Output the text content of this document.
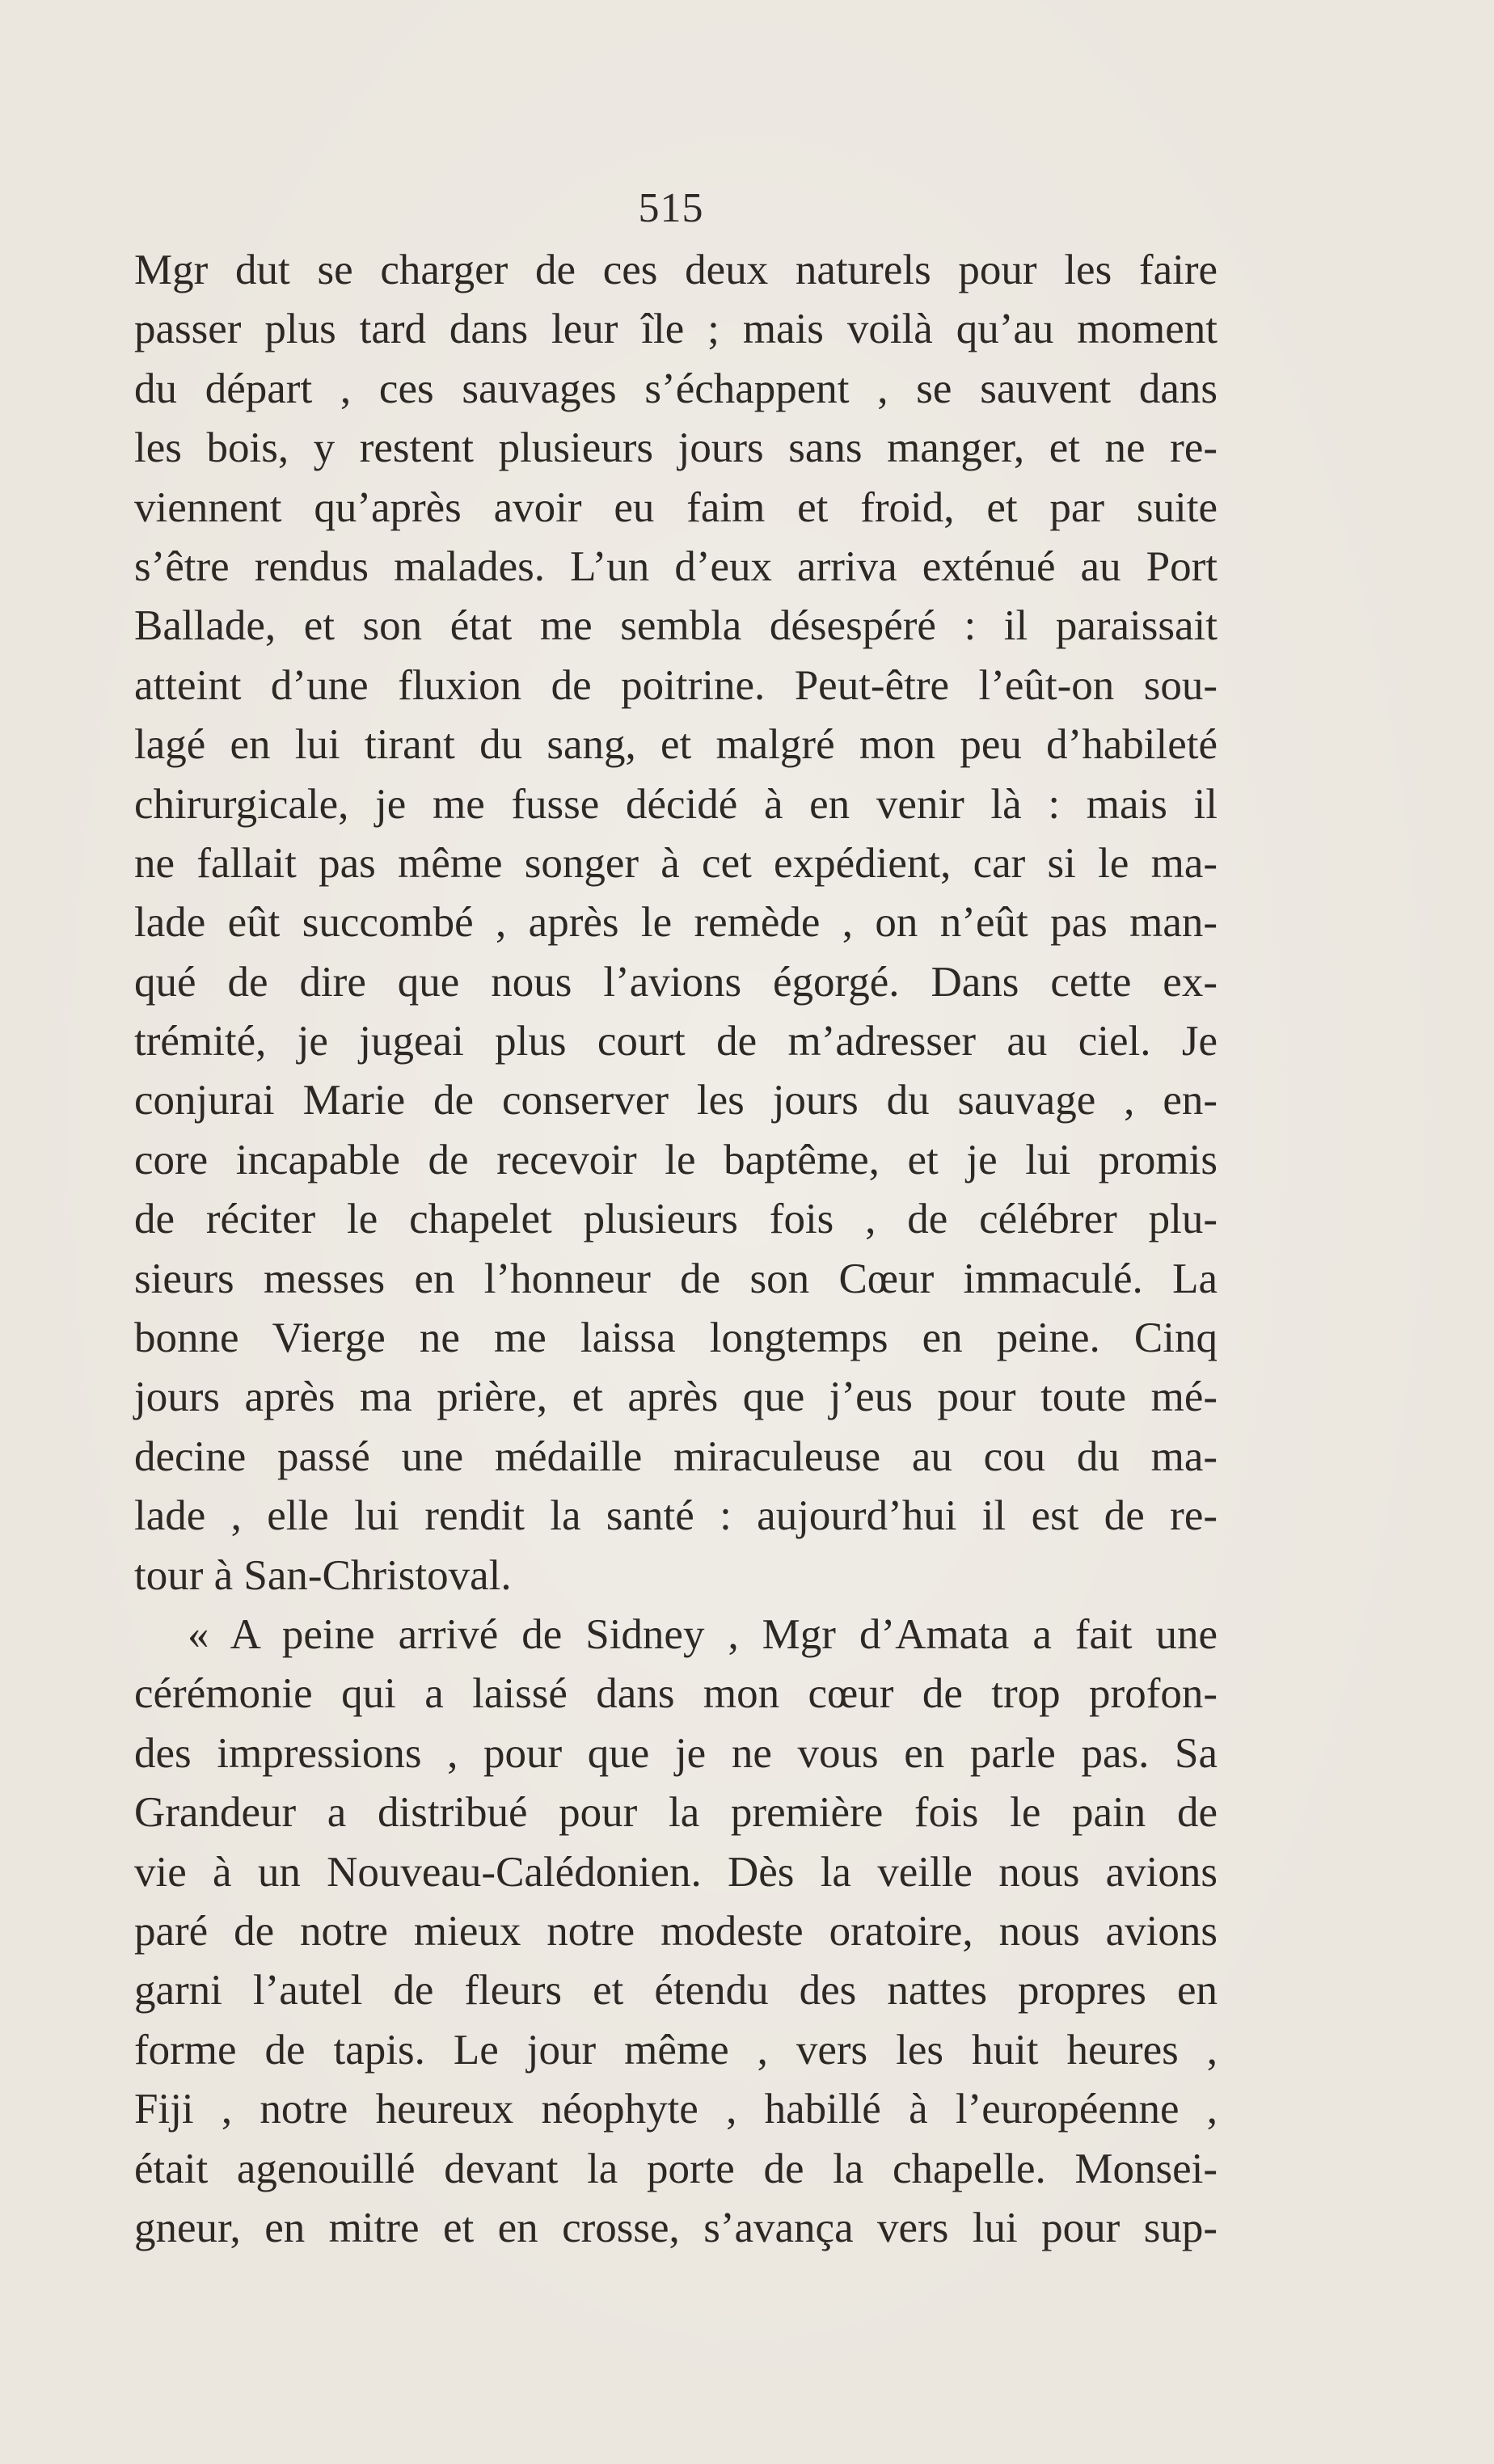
515
Mgr dut se charger de ces deux naturels pour les faire
passer plus tard dans leur île ; mais voilà qu’au moment
du départ , ces sauvages s’échappent , se sauvent dans
les bois, y restent plusieurs jours sans manger, et ne re-
viennent qu’après avoir eu faim et froid, et par suite
s’être rendus malades. L’un d’eux arriva exténué au Port
Ballade, et son état me sembla désespéré : il paraissait
atteint d’une fluxion de poitrine. Peut-être l’eût-on sou-
lagé en lui tirant du sang, et malgré mon peu d’habileté
chirurgicale, je me fusse décidé à en venir là : mais il
ne fallait pas même songer à cet expédient, car si le ma-
lade eût succombé , après le remède , on n’eût pas man-
qué de dire que nous l’avions égorgé. Dans cette ex-
trémité, je jugeai plus court de m’adresser au ciel. Je
conjurai Marie de conserver les jours du sauvage , en-
core incapable de recevoir le baptême, et je lui promis
de réciter le chapelet plusieurs fois , de célébrer plu-
sieurs messes en l’honneur de son Cœur immaculé. La
bonne Vierge ne me laissa longtemps en peine. Cinq
jours après ma prière, et après que j’eus pour toute mé-
decine passé une médaille miraculeuse au cou du ma-
lade , elle lui rendit la santé : aujourd’hui il est de re-
tour à San-Christoval.
« A peine arrivé de Sidney , Mgr d’Amata a fait une
cérémonie qui a laissé dans mon cœur de trop profon-
des impressions , pour que je ne vous en parle pas. Sa
Grandeur a distribué pour la première fois le pain de
vie à un Nouveau-Calédonien. Dès la veille nous avions
paré de notre mieux notre modeste oratoire, nous avions
garni l’autel de fleurs et étendu des nattes propres en
forme de tapis. Le jour même , vers les huit heures ,
Fiji , notre heureux néophyte , habillé à l’européenne ,
était agenouillé devant la porte de la chapelle. Monsei-
gneur, en mitre et en crosse, s’avança vers lui pour sup-
